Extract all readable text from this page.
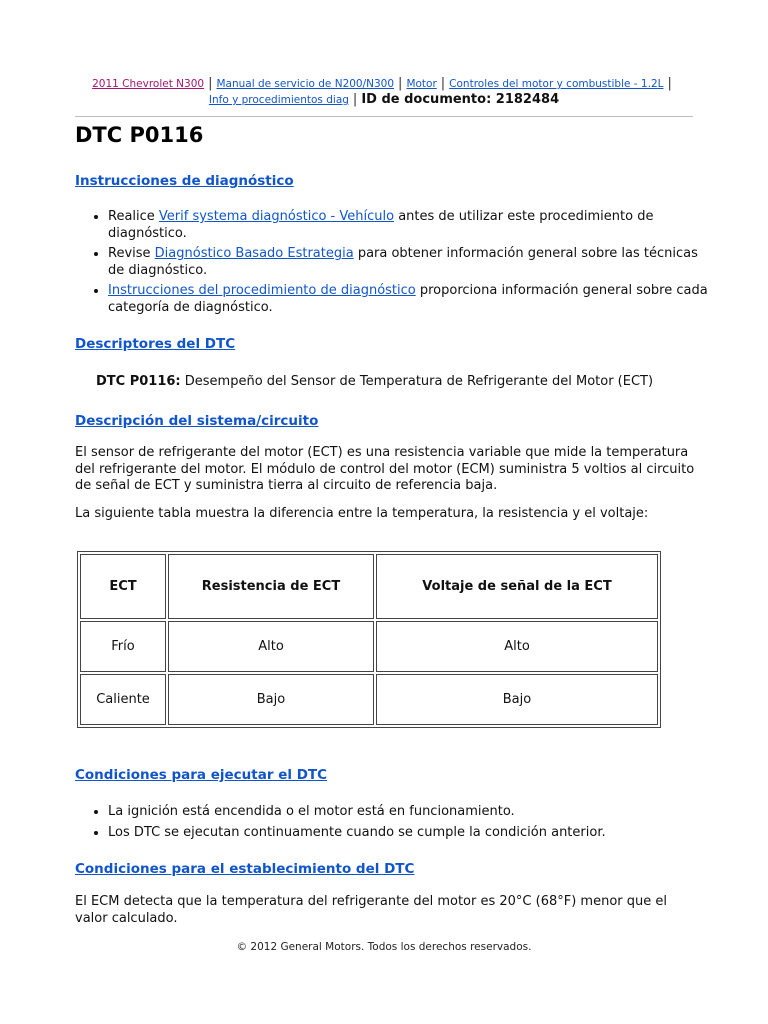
2011 Chevrolet N300 | Manual de servicio de N200/N300 | Motor | Controles del motor y combustible - 1.2L |
Info y procedimientos diag | ID de documento: 2182484
DTC P0116
Instrucciones de diagnóstico
• Realice Verif systema diagnóstico - Vehículo antes de utilizar este procedimiento de diagnóstico.
• Revise Diagnóstico Basado Estrategia para obtener información general sobre las técnicas de diagnóstico.
• Instrucciones del procedimiento de diagnóstico proporciona información general sobre cada categoría de diagnóstico.
Descriptores del DTC

DTC P0116: Desempeño del Sensor de Temperatura de Refrigerante del Motor (ECT)

Descripción del sistema/circuito

El sensor de refrigerante del motor (ECT) es una resistencia variable que mide la temperatura del refrigerante del motor. El módulo de control del motor (ECM) suministra 5 voltios al circuito de señal de ECT y suministra tierra al circuito de referencia baja.

La siguiente tabla muestra la diferencia entre la temperatura, la resistencia y el voltaje:

ECT	Resistencia de ECT	Voltaje de señal de la ECT
Frío	Alto	Alto
Caliente	Bajo	Bajo
Condiciones para ejecutar el DTC
• La ignición está encendida o el motor está en funcionamiento.
• Los DTC se ejecutan continuamente cuando se cumple la condición anterior.
Condiciones para el establecimiento del DTC

El ECM detecta que la temperatura del refrigerante del motor es 20°C (68°F) menor que el valor calculado.

© 2012 General Motors. Todos los derechos reservados.
